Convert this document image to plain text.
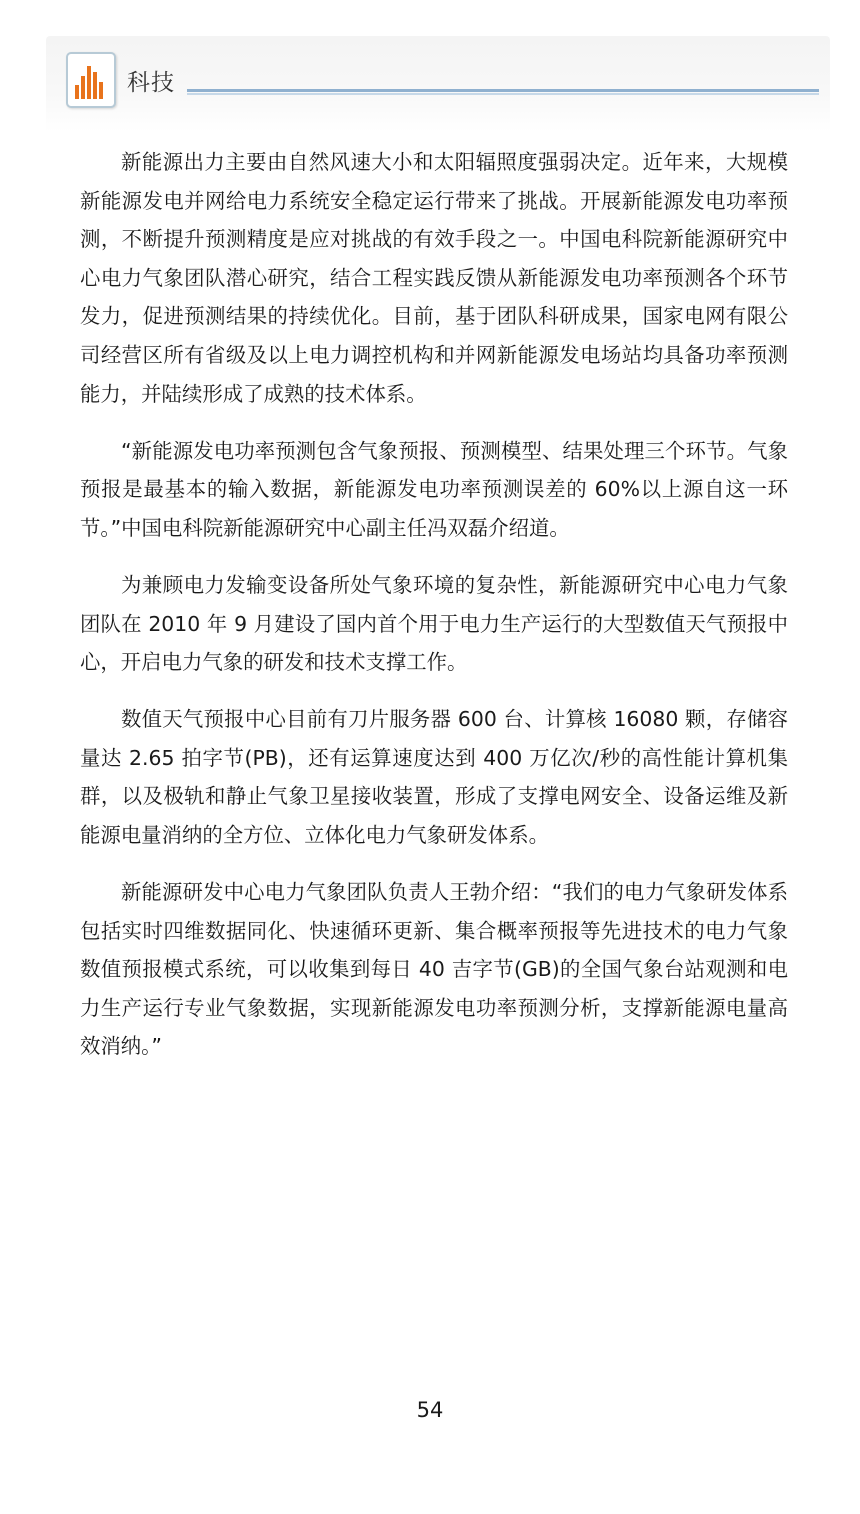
科技

新能源出力主要由自然风速大小和太阳辐照度强弱决定。近年来，大规模新能源发电并网给电力系统安全稳定运行带来了挑战。开展新能源发电功率预测，不断提升预测精度是应对挑战的有效手段之一。中国电科院新能源研究中心电力气象团队潜心研究，结合工程实践反馈从新能源发电功率预测各个环节发力，促进预测结果的持续优化。目前，基于团队科研成果，国家电网有限公司经营区所有省级及以上电力调控机构和并网新能源发电场站均具备功率预测能力，并陆续形成了成熟的技术体系。

“新能源发电功率预测包含气象预报、预测模型、结果处理三个环节。气象预报是最基本的输入数据，新能源发电功率预测误差的 60%以上源自这一环节。”中国电科院新能源研究中心副主任冯双磊介绍道。

为兼顾电力发输变设备所处气象环境的复杂性，新能源研究中心电力气象团队在 2010 年 9 月建设了国内首个用于电力生产运行的大型数值天气预报中心，开启电力气象的研发和技术支撑工作。

数值天气预报中心目前有刀片服务器 600 台、计算核 16080 颗，存储容量达 2.65 拍字节(PB)，还有运算速度达到 400 万亿次/秒的高性能计算机集群，以及极轨和静止气象卫星接收装置，形成了支撑电网安全、设备运维及新能源电量消纳的全方位、立体化电力气象研发体系。

新能源研发中心电力气象团队负责人王勃介绍：“我们的电力气象研发体系包括实时四维数据同化、快速循环更新、集合概率预报等先进技术的电力气象数值预报模式系统，可以收集到每日 40 吉字节(GB)的全国气象台站观测和电力生产运行专业气象数据，实现新能源发电功率预测分析，支撑新能源电量高效消纳。”

54
